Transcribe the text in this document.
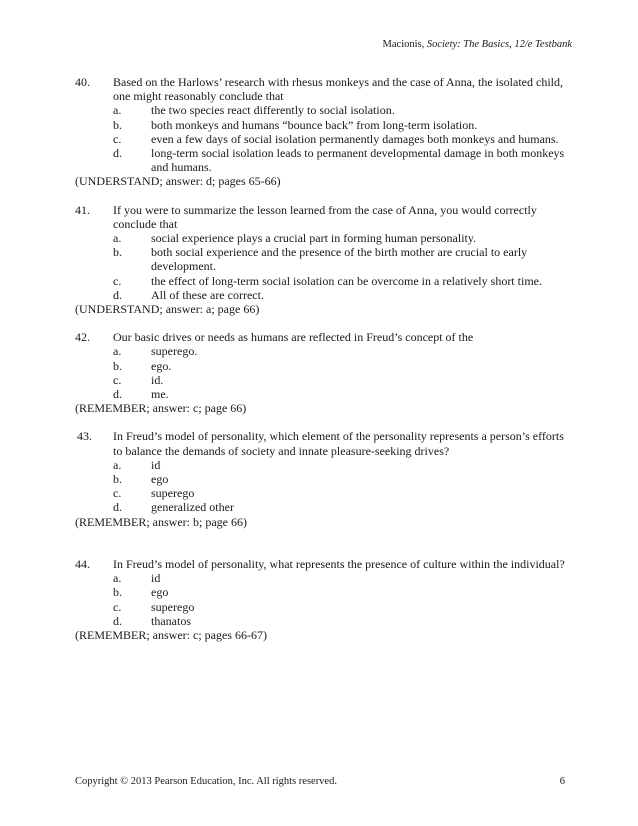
Macionis, Society: The Basics, 12/e Testbank
40.	Based on the Harlows’ research with rhesus monkeys and the case of Anna, the isolated child, one might reasonably conclude that
a.	the two species react differently to social isolation.
b.	both monkeys and humans “bounce back” from long-term isolation.
c.	even a few days of social isolation permanently damages both monkeys and humans.
d.	long-term social isolation leads to permanent developmental damage in both monkeys and humans.
(UNDERSTAND; answer: d; pages 65-66)
41.	If you were to summarize the lesson learned from the case of Anna, you would correctly conclude that
a.	social experience plays a crucial part in forming human personality.
b.	both social experience and the presence of the birth mother are crucial to early development.
c.	the effect of long-term social isolation can be overcome in a relatively short time.
d.	All of these are correct.
(UNDERSTAND; answer: a; page 66)
42.	Our basic drives or needs as humans are reflected in Freud’s concept of the
a.	superego.
b.	ego.
c.	id.
d.	me.
(REMEMBER; answer: c; page 66)
43.	In Freud’s model of personality, which element of the personality represents a person’s efforts to balance the demands of society and innate pleasure-seeking drives?
a.	id
b.	ego
c.	superego
d.	generalized other
(REMEMBER; answer: b; page 66)
44.	In Freud’s model of personality, what represents the presence of culture within the individual?
a.	id
b.	ego
c.	superego
d.	thanatos
(REMEMBER; answer: c; pages 66-67)
Copyright © 2013 Pearson Education, Inc. All rights reserved.	6
